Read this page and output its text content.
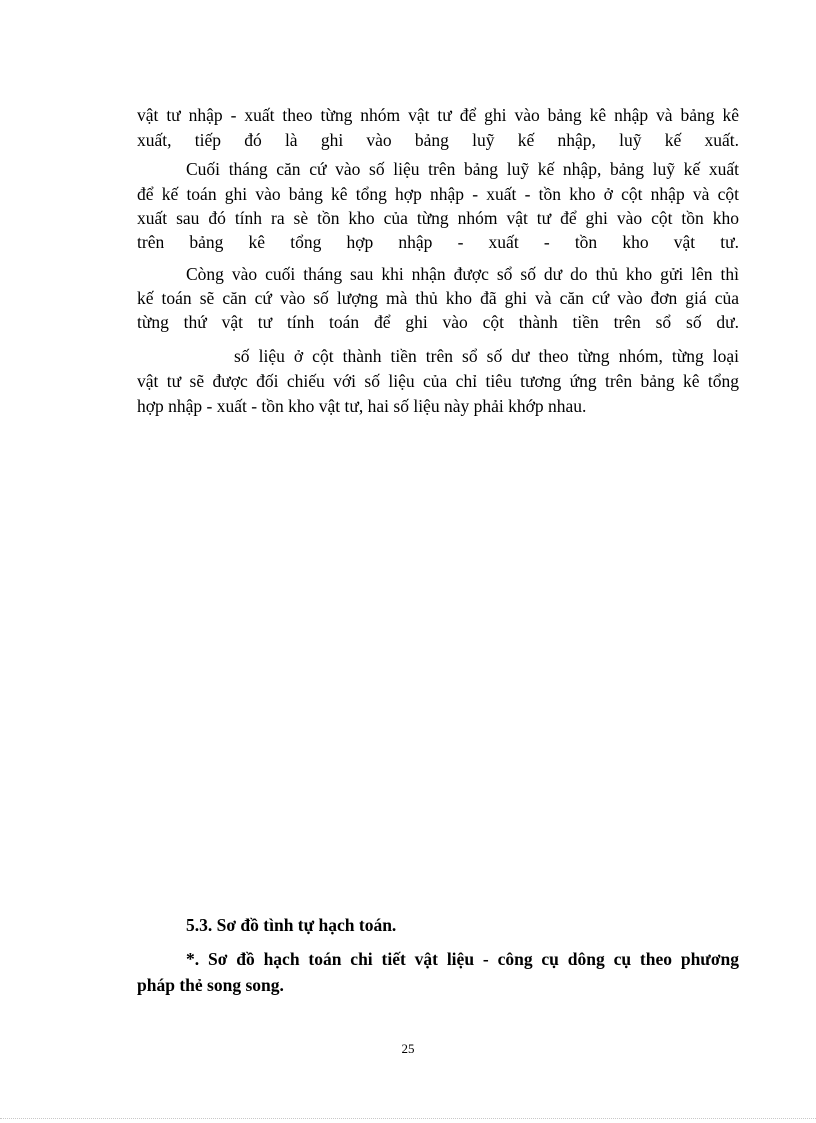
vật tư nhập - xuất theo từng nhóm vật tư để ghi vào bảng kê nhập và bảng kê
xuất, tiếp đó là ghi vào bảng luỹ kế nhập, luỹ kế xuất.
Cuối tháng căn cứ vào số liệu trên bảng luỹ kế nhập, bảng luỹ kế xuất
để kế toán ghi vào bảng kê tổng hợp nhập - xuất - tồn kho ở cột nhập và cột
xuất sau đó tính ra sè tồn kho của từng nhóm vật tư để ghi vào cột tồn kho
trên bảng kê tổng hợp nhập - xuất - tồn kho vật tư.
Còng vào cuối tháng sau khi nhận được sổ số dư do thủ kho gửi lên thì
kế toán sẽ căn cứ vào số lượng mà thủ kho đã ghi và căn cứ vào đơn giá của
từng thứ vật tư tính toán để ghi vào cột thành tiền trên sổ số dư.
số liệu ở cột thành tiền trên sổ số dư theo từng nhóm, từng loại
vật tư sẽ được đối chiếu với số liệu của chỉ tiêu tương ứng trên bảng kê tổng
hợp nhập - xuất - tồn kho vật tư, hai số liệu này phải khớp nhau.
5.3. Sơ đồ tình tự hạch toán.
*. Sơ đồ hạch toán chi tiết vật liệu - công cụ dông cụ theo phương
pháp thẻ song song.
25
